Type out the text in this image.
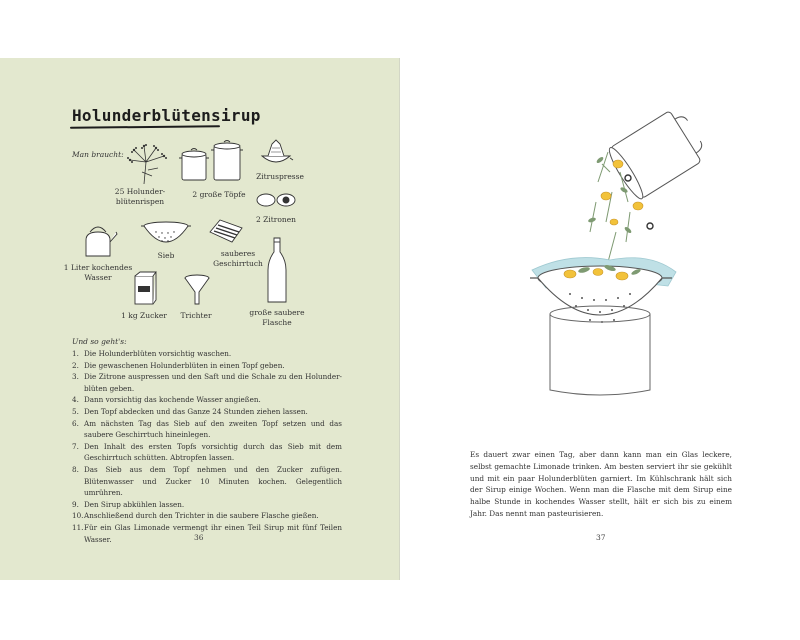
Holunderblütensirup
Man braucht:
25 Holunder-
blütenrispen
2 große Töpfe
Zitruspresse
2 Zitronen
1 Liter kochendes
Wasser
Sieb	sauberes
Geschirrtuch
1 kg Zucker	Trichter	große saubere
Flasche
Und so geht's:
1. Die Holunderblüten vorsichtig waschen.
2. Die gewaschenen Holunderblüten in einen Topf geben.
3. Die Zitrone auspressen und den Saft und die Schale zu den Holunder-blüten geben.
4. Dann vorsichtig das kochende Wasser angießen.
5. Den Topf abdecken und das Ganze 24 Stunden ziehen lassen.
6. Am nächsten Tag das Sieb auf den zweiten Topf setzen und das saubere Geschirrtuch hineinlegen.
7. Den Inhalt des ersten Topfs vorsichtig durch das Sieb mit dem Geschirrtuch schütten. Abtropfen lassen.
8. Das Sieb aus dem Topf nehmen und den Zucker zufügen. Blütenwasser und Zucker 10 Minuten kochen. Gelegentlich umrühren.
9. Den Sirup abkühlen lassen.
10. Anschließend durch den Trichter in die saubere Flasche gießen.
11. Für ein Glas Limonade vermengt ihr einen Teil Sirup mit fünf Teilen Wasser.	36

Es dauert zwar einen Tag, aber dann kann man ein Glas leckere, selbst gemachte Limonade trinken. Am besten serviert ihr sie gekühlt und mit ein paar Holunderblüten garniert. Im Kühlschrank hält sich der Sirup einige Wochen. Wenn man die Flasche mit dem Sirup eine halbe Stunde in kochendes Wasser stellt, hält er sich bis zu einem Jahr. Das nennt man pasteurisieren.

37
